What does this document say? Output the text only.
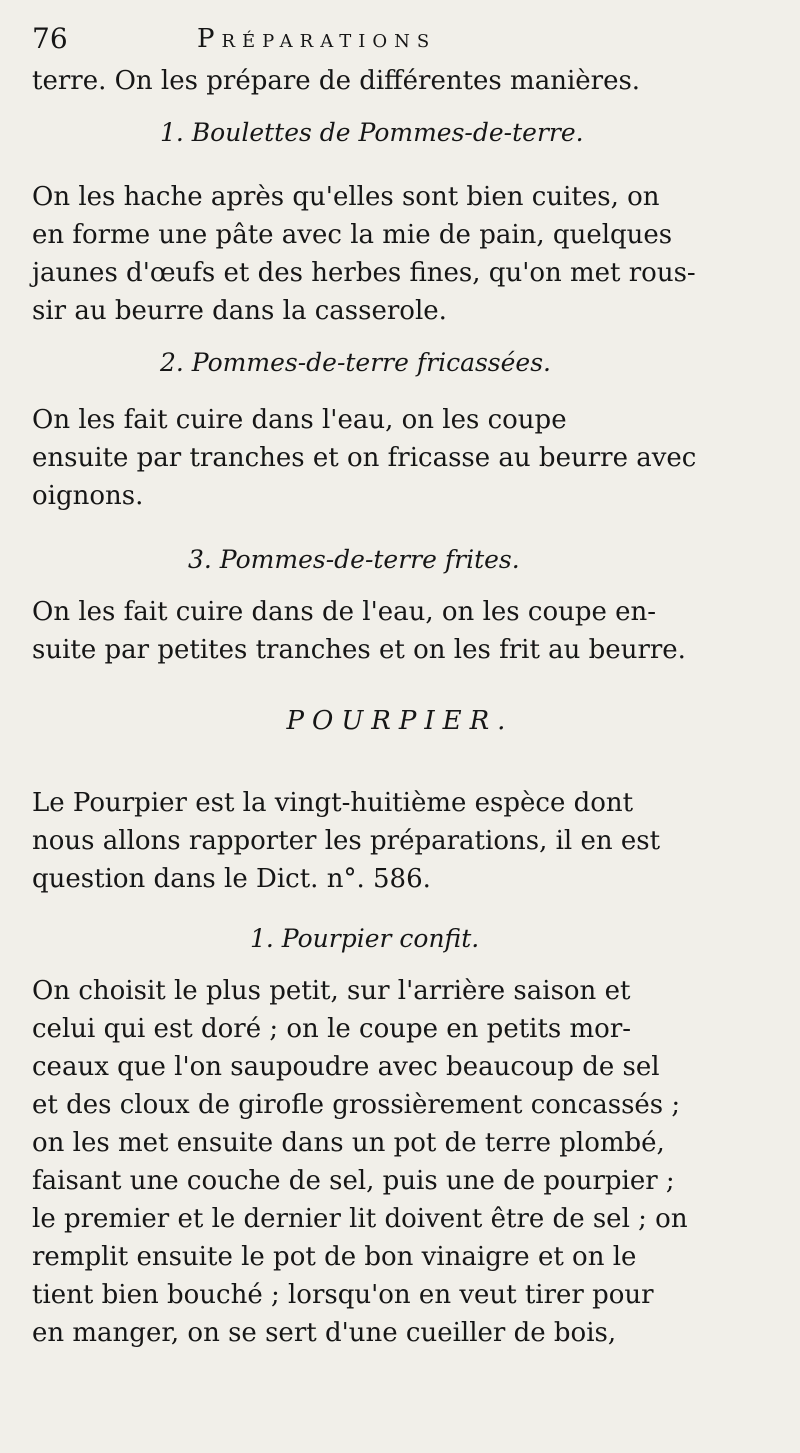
76	Préparations
terre. On les prépare de différentes manières.
1. Boulettes de Pommes-de-terre.
On les hache après qu'elles sont bien cuites, on
en forme une pâte avec la mie de pain, quelques
jaunes d'œufs et des herbes fines, qu'on met rous-
sir au beurre dans la casserole.
2. Pommes-de-terre fricassées.
On les fait cuire dans l'eau, on les coupe
ensuite par tranches et on fricasse au beurre avec
oignons.
3. Pommes-de-terre frites.
On les fait cuire dans de l'eau, on les coupe en-
suite par petites tranches et on les frit au beurre.
POURPIER.
Le Pourpier est la vingt-huitième espèce dont
nous allons rapporter les préparations, il en est
question dans le Dict. n°. 586.
1. Pourpier confit.
On choisit le plus petit, sur l'arrière saison et
celui qui est doré ; on le coupe en petits mor-
ceaux que l'on saupoudre avec beaucoup de sel
et des cloux de girofle grossièrement concassés ;
on les met ensuite dans un pot de terre plombé,
faisant une couche de sel, puis une de pourpier ;
le premier et le dernier lit doivent être de sel ; on
remplit ensuite le pot de bon vinaigre et on le
tient bien bouché ; lorsqu'on en veut tirer pour
en manger, on se sert d'une cueiller de bois,
